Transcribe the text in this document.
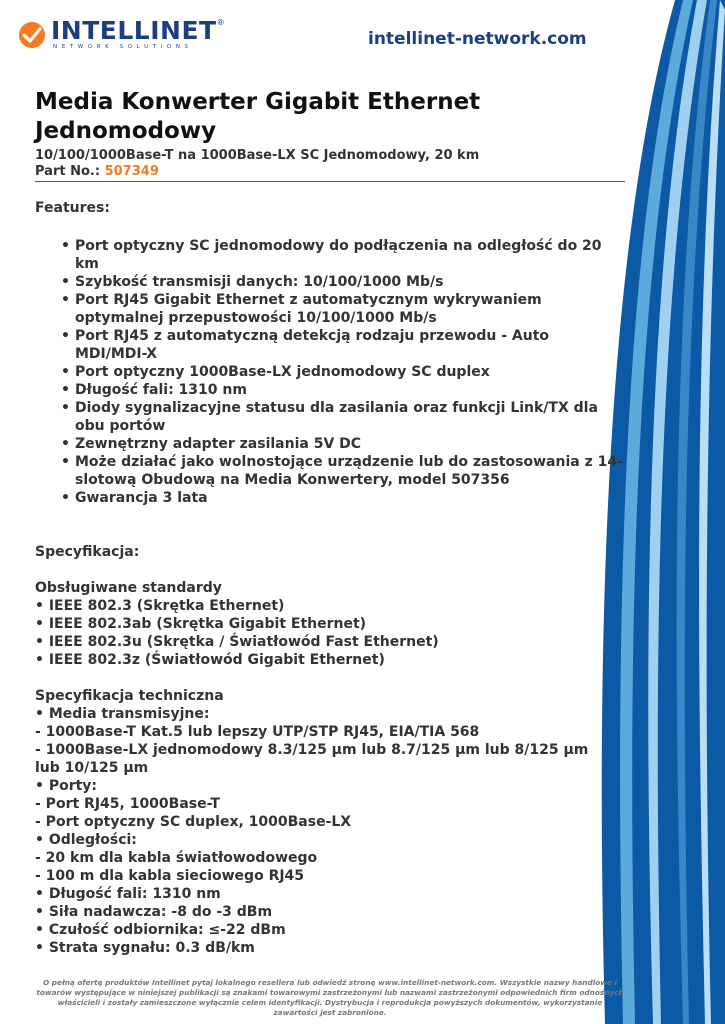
INTELLINET®
NETWORK SOLUTIONS	intellinet-network.com
Media Konwerter Gigabit Ethernet Jednomodowy
10/100/1000Base-T na 1000Base-LX SC Jednomodowy, 20 km
Part No.: 507349
Features:
• Port optyczny SC jednomodowy do podłączenia na odległość do 20 km
• Szybkość transmisji danych: 10/100/1000 Mb/s
• Port RJ45 Gigabit Ethernet z automatycznym wykrywaniem optymalnej przepustowości 10/100/1000 Mb/s
• Port RJ45 z automatyczną detekcją rodzaju przewodu - Auto MDI/MDI-X
• Port optyczny 1000Base-LX jednomodowy SC duplex
• Długość fali: 1310 nm
• Diody sygnalizacyjne statusu dla zasilania oraz funkcji Link/TX dla obu portów
• Zewnętrzny adapter zasilania 5V DC
• Może działać jako wolnostojące urządzenie lub do zastosowania z 14-slotową Obudową na Media Konwertery, model 507356
• Gwarancja 3 lata
Specyfikacja:
Obsługiwane standardy
• IEEE 802.3 (Skrętka Ethernet)
• IEEE 802.3ab (Skrętka Gigabit Ethernet)
• IEEE 802.3u (Skrętka / Światłowód Fast Ethernet)
• IEEE 802.3z (Światłowód Gigabit Ethernet)
Specyfikacja techniczna
• Media transmisyjne:
- 1000Base-T Kat.5 lub lepszy UTP/STP RJ45, EIA/TIA 568
- 1000Base-LX jednomodowy 8.3/125 µm lub 8.7/125 µm lub 8/125 µm
lub 10/125 µm
• Porty:
- Port RJ45, 1000Base-T
- Port optyczny SC duplex, 1000Base-LX
• Odległości:
- 20 km dla kabla światłowodowego
- 100 m dla kabla sieciowego RJ45
• Długość fali: 1310 nm
• Siła nadawcza: -8 do -3 dBm
• Czułość odbiornika: ≤-22 dBm
• Strata sygnału: 0.3 dB/km
O pełną ofertę produktów Intellinet pytaj lokalnego resellera lub odwiedź stronę www.intellinet-network.com. Wszystkie nazwy handlowe i
towarów występujące w niniejszej publikacji są znakami towarowymi zastrzeżonymi lub nazwami zastrzeżonymi odpowiednich firm odnośnych
właścicieli i zostały zamieszczone wyłącznie celem identyfikacji. Dystrybucja i reprodukcja powyższych dokumentów, wykorzystanie
zawartości jest zabronione.
